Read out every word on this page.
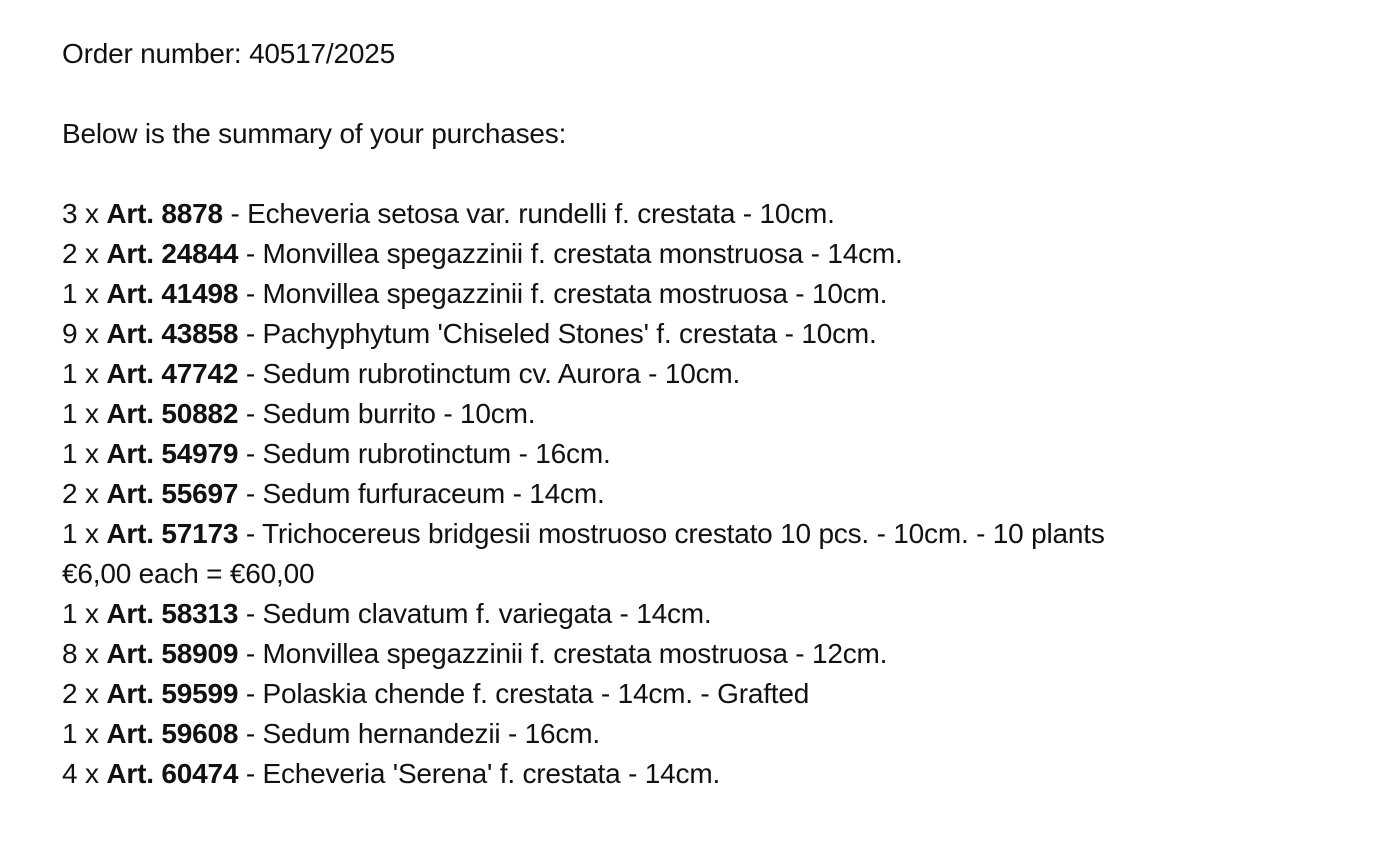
Order number: 40517/2025
Below is the summary of your purchases:
3 x Art. 8878 - Echeveria setosa var. rundelli f. crestata - 10cm.
2 x Art. 24844 - Monvillea spegazzinii f. crestata monstruosa - 14cm.
1 x Art. 41498 - Monvillea spegazzinii f. crestata mostruosa - 10cm.
9 x Art. 43858 - Pachyphytum 'Chiseled Stones' f. crestata - 10cm.
1 x Art. 47742 - Sedum rubrotinctum cv. Aurora - 10cm.
1 x Art. 50882 - Sedum burrito - 10cm.
1 x Art. 54979 - Sedum rubrotinctum - 16cm.
2 x Art. 55697 - Sedum furfuraceum - 14cm.
1 x Art. 57173 - Trichocereus bridgesii mostruoso crestato 10 pcs. - 10cm. - 10 plants
€6,00 each = €60,00
1 x Art. 58313 - Sedum clavatum f. variegata - 14cm.
8 x Art. 58909 - Monvillea spegazzinii f. crestata mostruosa - 12cm.
2 x Art. 59599 - Polaskia chende f. crestata - 14cm. - Grafted
1 x Art. 59608 - Sedum hernandezii - 16cm.
4 x Art. 60474 - Echeveria 'Serena' f. crestata - 14cm.
